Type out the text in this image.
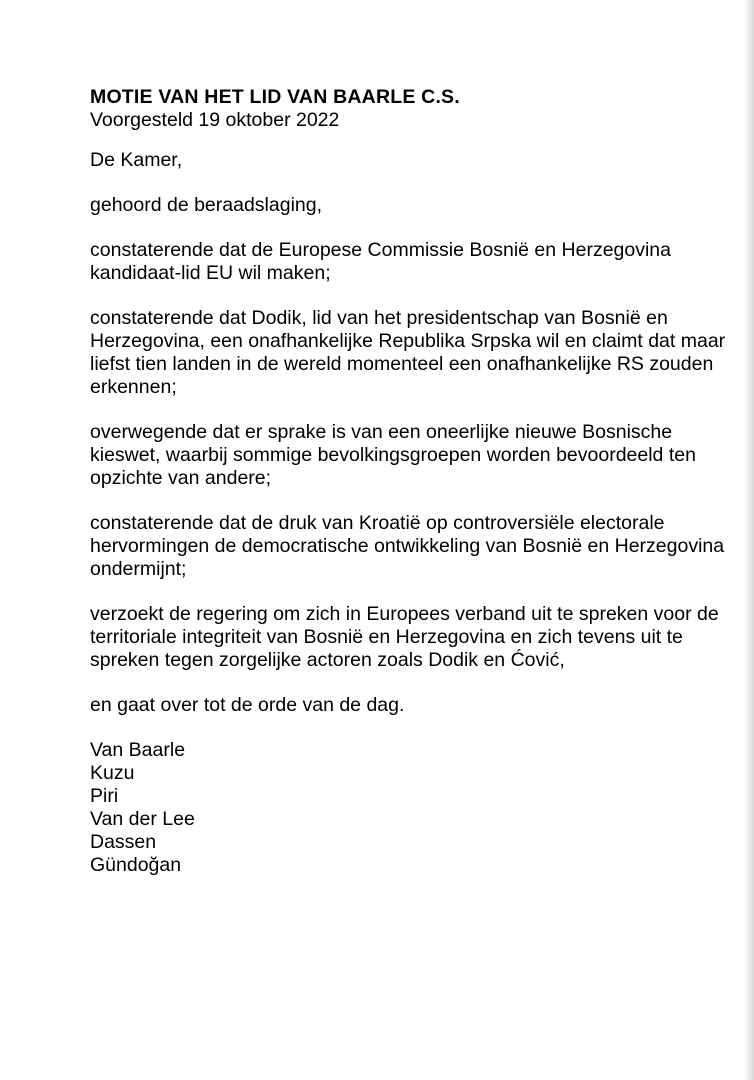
MOTIE VAN HET LID VAN BAARLE C.S.

Voorgesteld 19 oktober 2022

De Kamer,

gehoord de beraadslaging,

constaterende dat de Europese Commissie Bosnië en Herzegovina
kandidaat-lid EU wil maken;

constaterende dat Dodik, lid van het presidentschap van Bosnië en
Herzegovina, een onafhankelijke Republika Srpska wil en claimt dat maar
liefst tien landen in de wereld momenteel een onafhankelijke RS zouden
erkennen;

overwegende dat er sprake is van een oneerlijke nieuwe Bosnische
kieswet, waarbij sommige bevolkingsgroepen worden bevoordeeld ten
opzichte van andere;

constaterende dat de druk van Kroatië op controversiële electorale
hervormingen de democratische ontwikkeling van Bosnië en Herzegovina
ondermijnt;

verzoekt de regering om zich in Europees verband uit te spreken voor de
territoriale integriteit van Bosnië en Herzegovina en zich tevens uit te
spreken tegen zorgelijke actoren zoals Dodik en Ćović,

en gaat over tot de orde van de dag.

Van Baarle
Kuzu
Piri
Van der Lee
Dassen
Gündoğan
